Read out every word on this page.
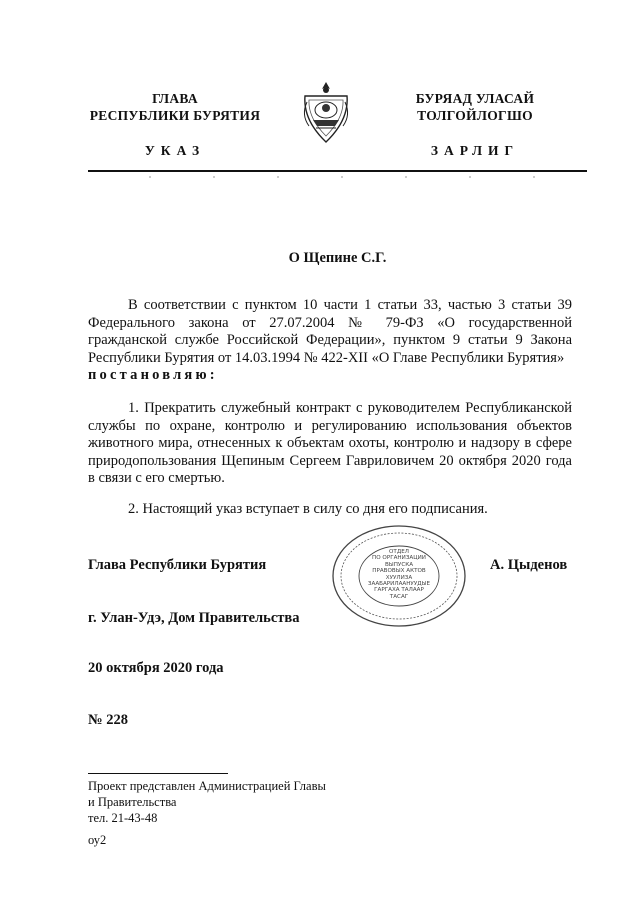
ГЛАВА
РЕСПУБЛИКИ БУРЯТИЯ
БУРЯАД УЛАСАЙ
ТОЛГОЙЛОГШО
УКАЗ	ЗАРЛИГ
О Щепине С.Г.
В соответствии с пунктом 10 части 1 статьи 33, частью 3 статьи 39 Федерального закона от 27.07.2004 № 79-ФЗ «О государственной гражданской службе Российской Федерации», пунктом 9 статьи 9 Закона Республики Бурятия от 14.03.1994 № 422-XII «О Главе Республики Бурятия»
постановляю:
1. Прекратить служебный контракт с руководителем Республиканской службы по охране, контролю и регулированию использования объектов животного мира, отнесенных к объектам охоты, контролю и надзору в сфере природопользования Щепиным Сергеем Гавриловичем 20 октября 2020 года в связи с его смертью.
2. Настоящий указ вступает в силу со дня его подписания.
Глава Республики Бурятия	А. Цыденов
ОТДЕЛ
ПО ОРГАНИЗАЦИИ
ВЫПУСКА
ПРАВОВЫХ АКТОВ
ХУУЛИЗА
ЗААБАРИЛААНУУДЫЕ
ГАРГАХА ТАЛААР
ТАСАГ
г. Улан-Удэ, Дом Правительства
20 октября 2020 года
№ 228
Проект представлен Администрацией Главы
и Правительства
тел. 21-43-48
оу2
